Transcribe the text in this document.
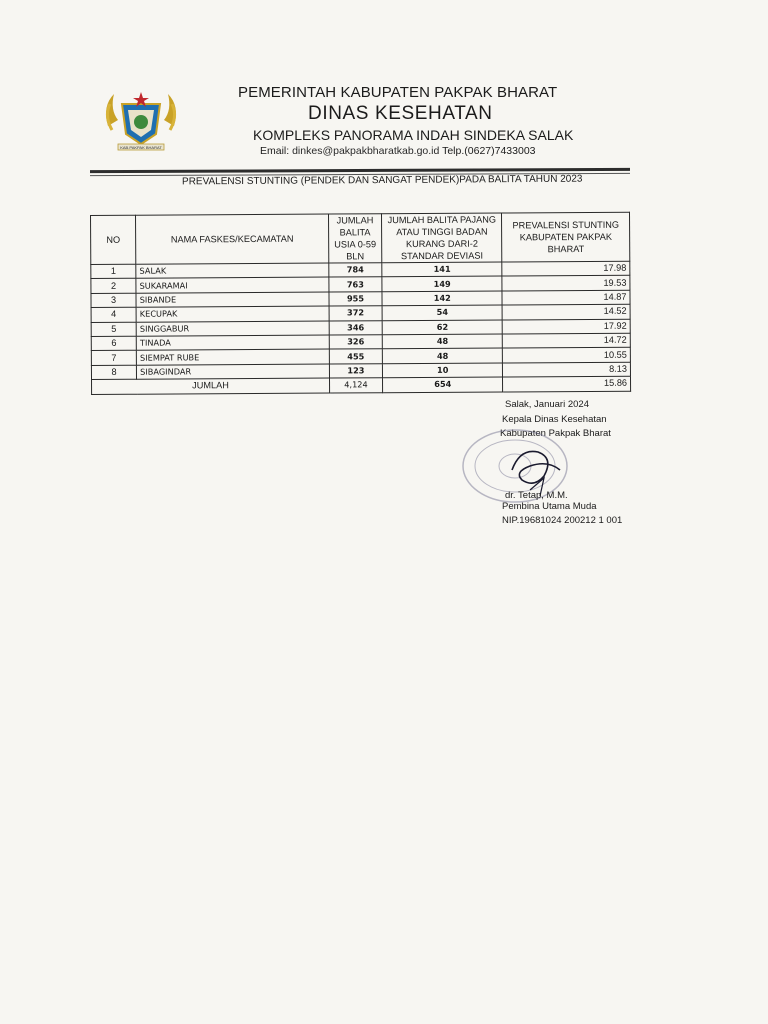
KAB.PAKPAK BHARAT
PEMERINTAH KABUPATEN PAKPAK BHARAT
DINAS KESEHATAN
KOMPLEKS PANORAMA INDAH SINDEKA SALAK
Email: dinkes@pakpakbharatkab.go.id Telp.(0627)7433003
PREVALENSI STUNTING (PENDEK DAN SANGAT PENDEK)PADA BALITA TAHUN 2023
NO	NAMA FASKES/KECAMATAN	JUMLAH BALITA USIA 0-59 BLN	JUMLAH BALITA PAJANG ATAU TINGGI BADAN KURANG DARI-2 STANDAR DEVIASI	PREVALENSI STUNTING KABUPATEN PAKPAK BHARAT
1	SALAK	784	141	17.98
2	SUKARAMAI	763	149	19.53
3	SIBANDE	955	142	14.87
4	KECUPAK	372	54	14.52
5	SINGGABUR	346	62	17.92
6	TINADA	326	48	14.72
7	SIEMPAT RUBE	455	48	10.55
8	SIBAGINDAR	123	10	8.13
JUMLAH		4,124	654	15.86
Salak, Januari 2024
Kepala Dinas Kesehatan
Kabupaten Pakpak Bharat
dr. Tetap, M.M.
Pembina Utama Muda
NIP.19681024 200212 1 001
